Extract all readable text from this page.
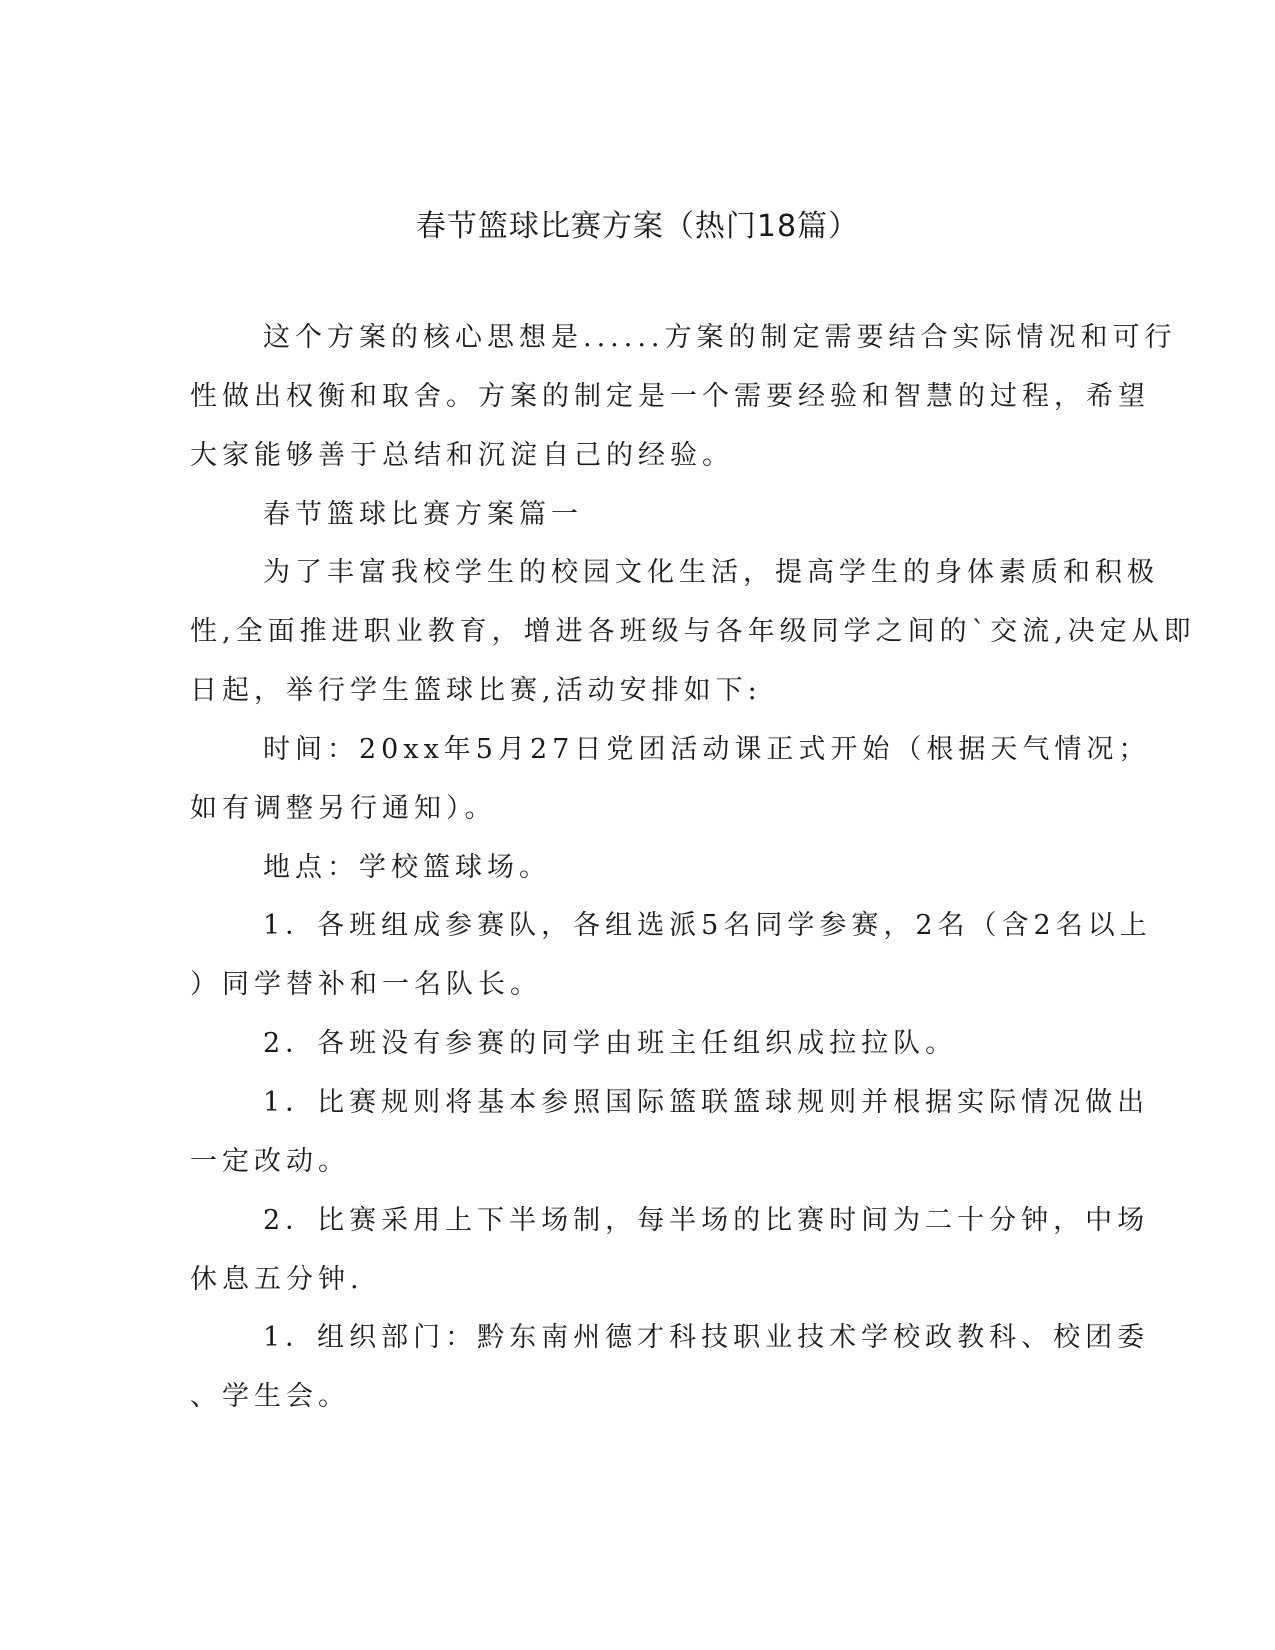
春节篮球比赛方案（热门18篇）
这个方案的核心思想是......方案的制定需要结合实际情况和可行
性做出权衡和取舍。方案的制定是一个需要经验和智慧的过程，希望
大家能够善于总结和沉淀自己的经验。
春节篮球比赛方案篇一
为了丰富我校学生的校园文化生活，提高学生的身体素质和积极
性,全面推进职业教育，增进各班级与各年级同学之间的`交流,决定从即
日起，举行学生篮球比赛,活动安排如下:
时间：20xx年5月27日党团活动课正式开始（根据天气情况；
如有调整另行通知）。
地点：学校篮球场。
1．各班组成参赛队，各组选派5名同学参赛，2名（含2名以上
）同学替补和一名队长。
2．各班没有参赛的同学由班主任组织成拉拉队。
1．比赛规则将基本参照国际篮联篮球规则并根据实际情况做出
一定改动。
2．比赛采用上下半场制，每半场的比赛时间为二十分钟，中场
休息五分钟.
1．组织部门：黔东南州德才科技职业技术学校政教科、校团委
、学生会。
